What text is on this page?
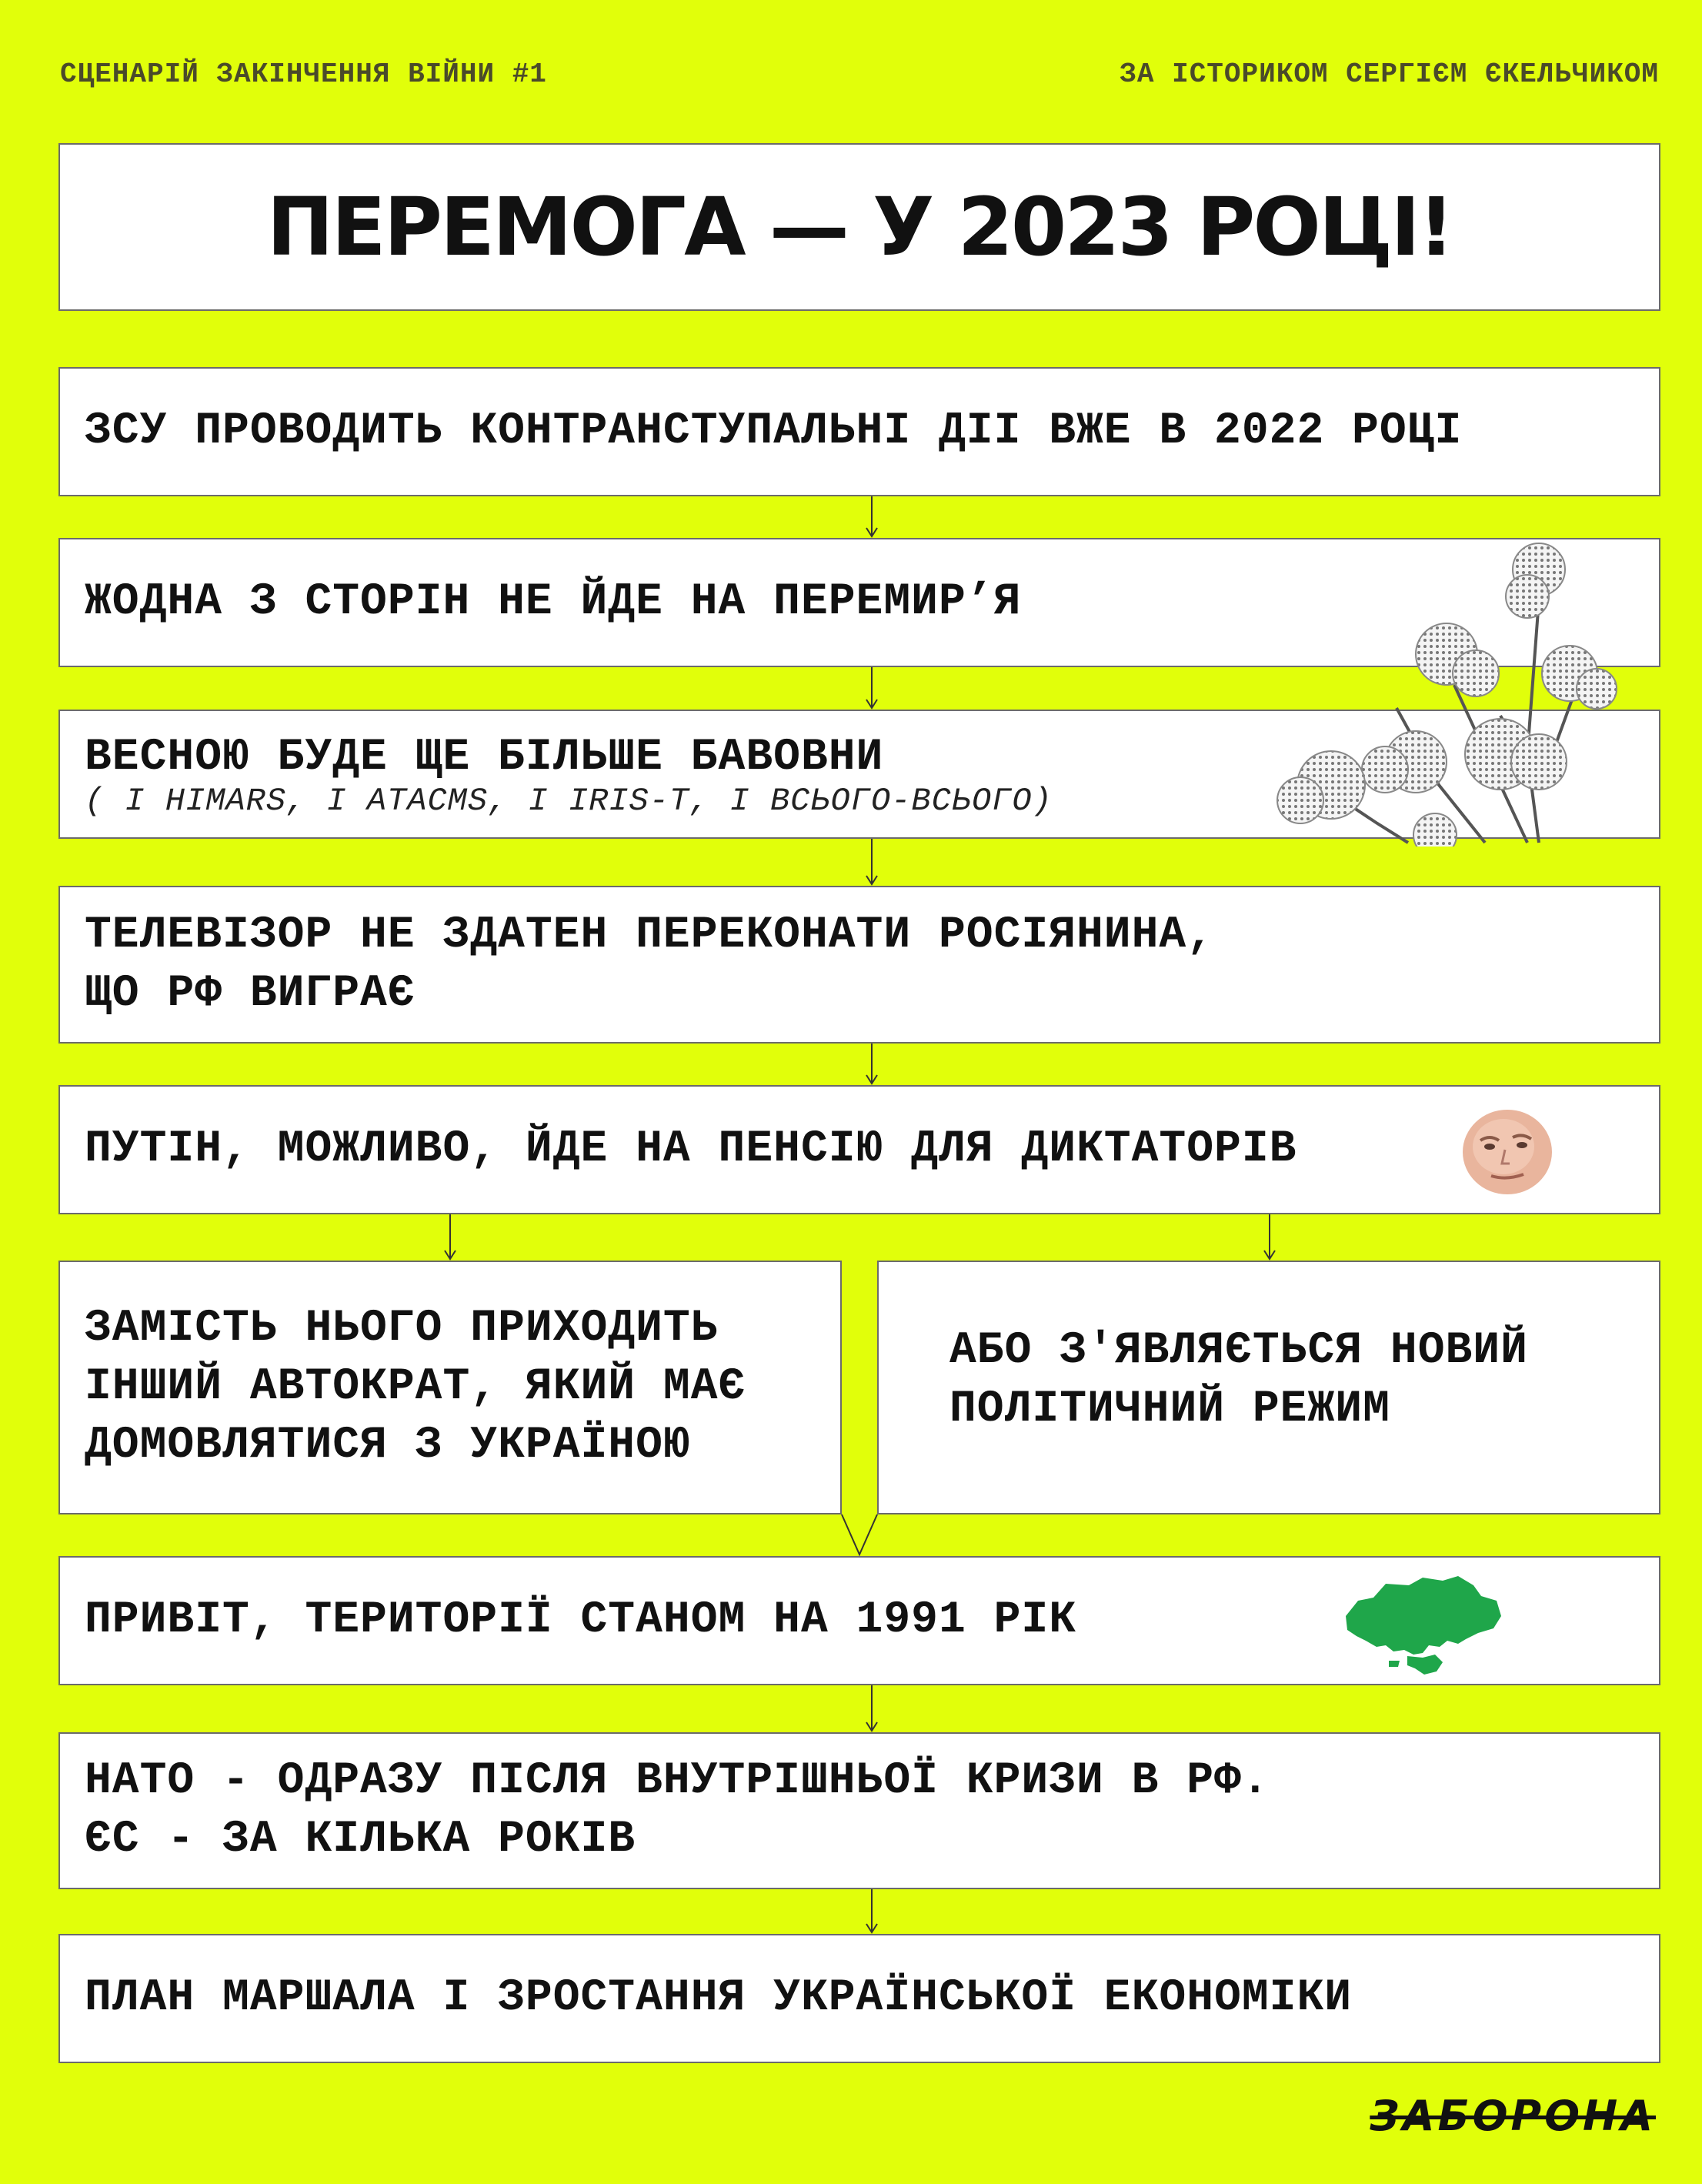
СЦЕНАРІЙ ЗАКІНЧЕННЯ ВІЙНИ #1	ЗА ІСТОРИКОМ СЕРГІЄМ ЄКЕЛЬЧИКОМ
ПЕРЕМОГА — У 2023 РОЦІ!
ЗСУ ПРОВОДИТЬ КОНТРАНСТУПАЛЬНІ ДІІ ВЖЕ В 2022 РОЦІ
ЖОДНА З СТОРІН НЕ ЙДЕ НА ПЕРЕМИР’Я
ВЕСНОЮ БУДЕ ЩЕ БІЛЬШЕ БАВОВНИ
( І HIMARS, І ATACMS, І IRIS-T, І ВСЬОГО-ВСЬОГО)
ТЕЛЕВІЗОР НЕ ЗДАТЕН ПЕРЕКОНАТИ РОСІЯНИНА,
ЩО РФ ВИГРАЄ
ПУТІН, МОЖЛИВО, ЙДЕ НА ПЕНСІЮ ДЛЯ ДИКТАТОРІВ
ЗАМІСТЬ НЬОГО ПРИХОДИТЬ
ІНШИЙ АВТОКРАТ, ЯКИЙ МАЄ
ДОМОВЛЯТИСЯ З УКРАЇНОЮ
АБО З'ЯВЛЯЄТЬСЯ НОВИЙ
ПОЛІТИЧНИЙ РЕЖИМ
ПРИВІТ, ТЕРИТОРІЇ СТАНОМ НА 1991 РІК
НАТО - ОДРАЗУ ПІСЛЯ ВНУТРІШНЬОЇ КРИЗИ В РФ.
ЄС - ЗА КІЛЬКА РОКІВ
ПЛАН МАРШАЛА І ЗРОСТАННЯ УКРАЇНСЬКОЇ ЕКОНОМІКИ
ЗАБОРОНА
